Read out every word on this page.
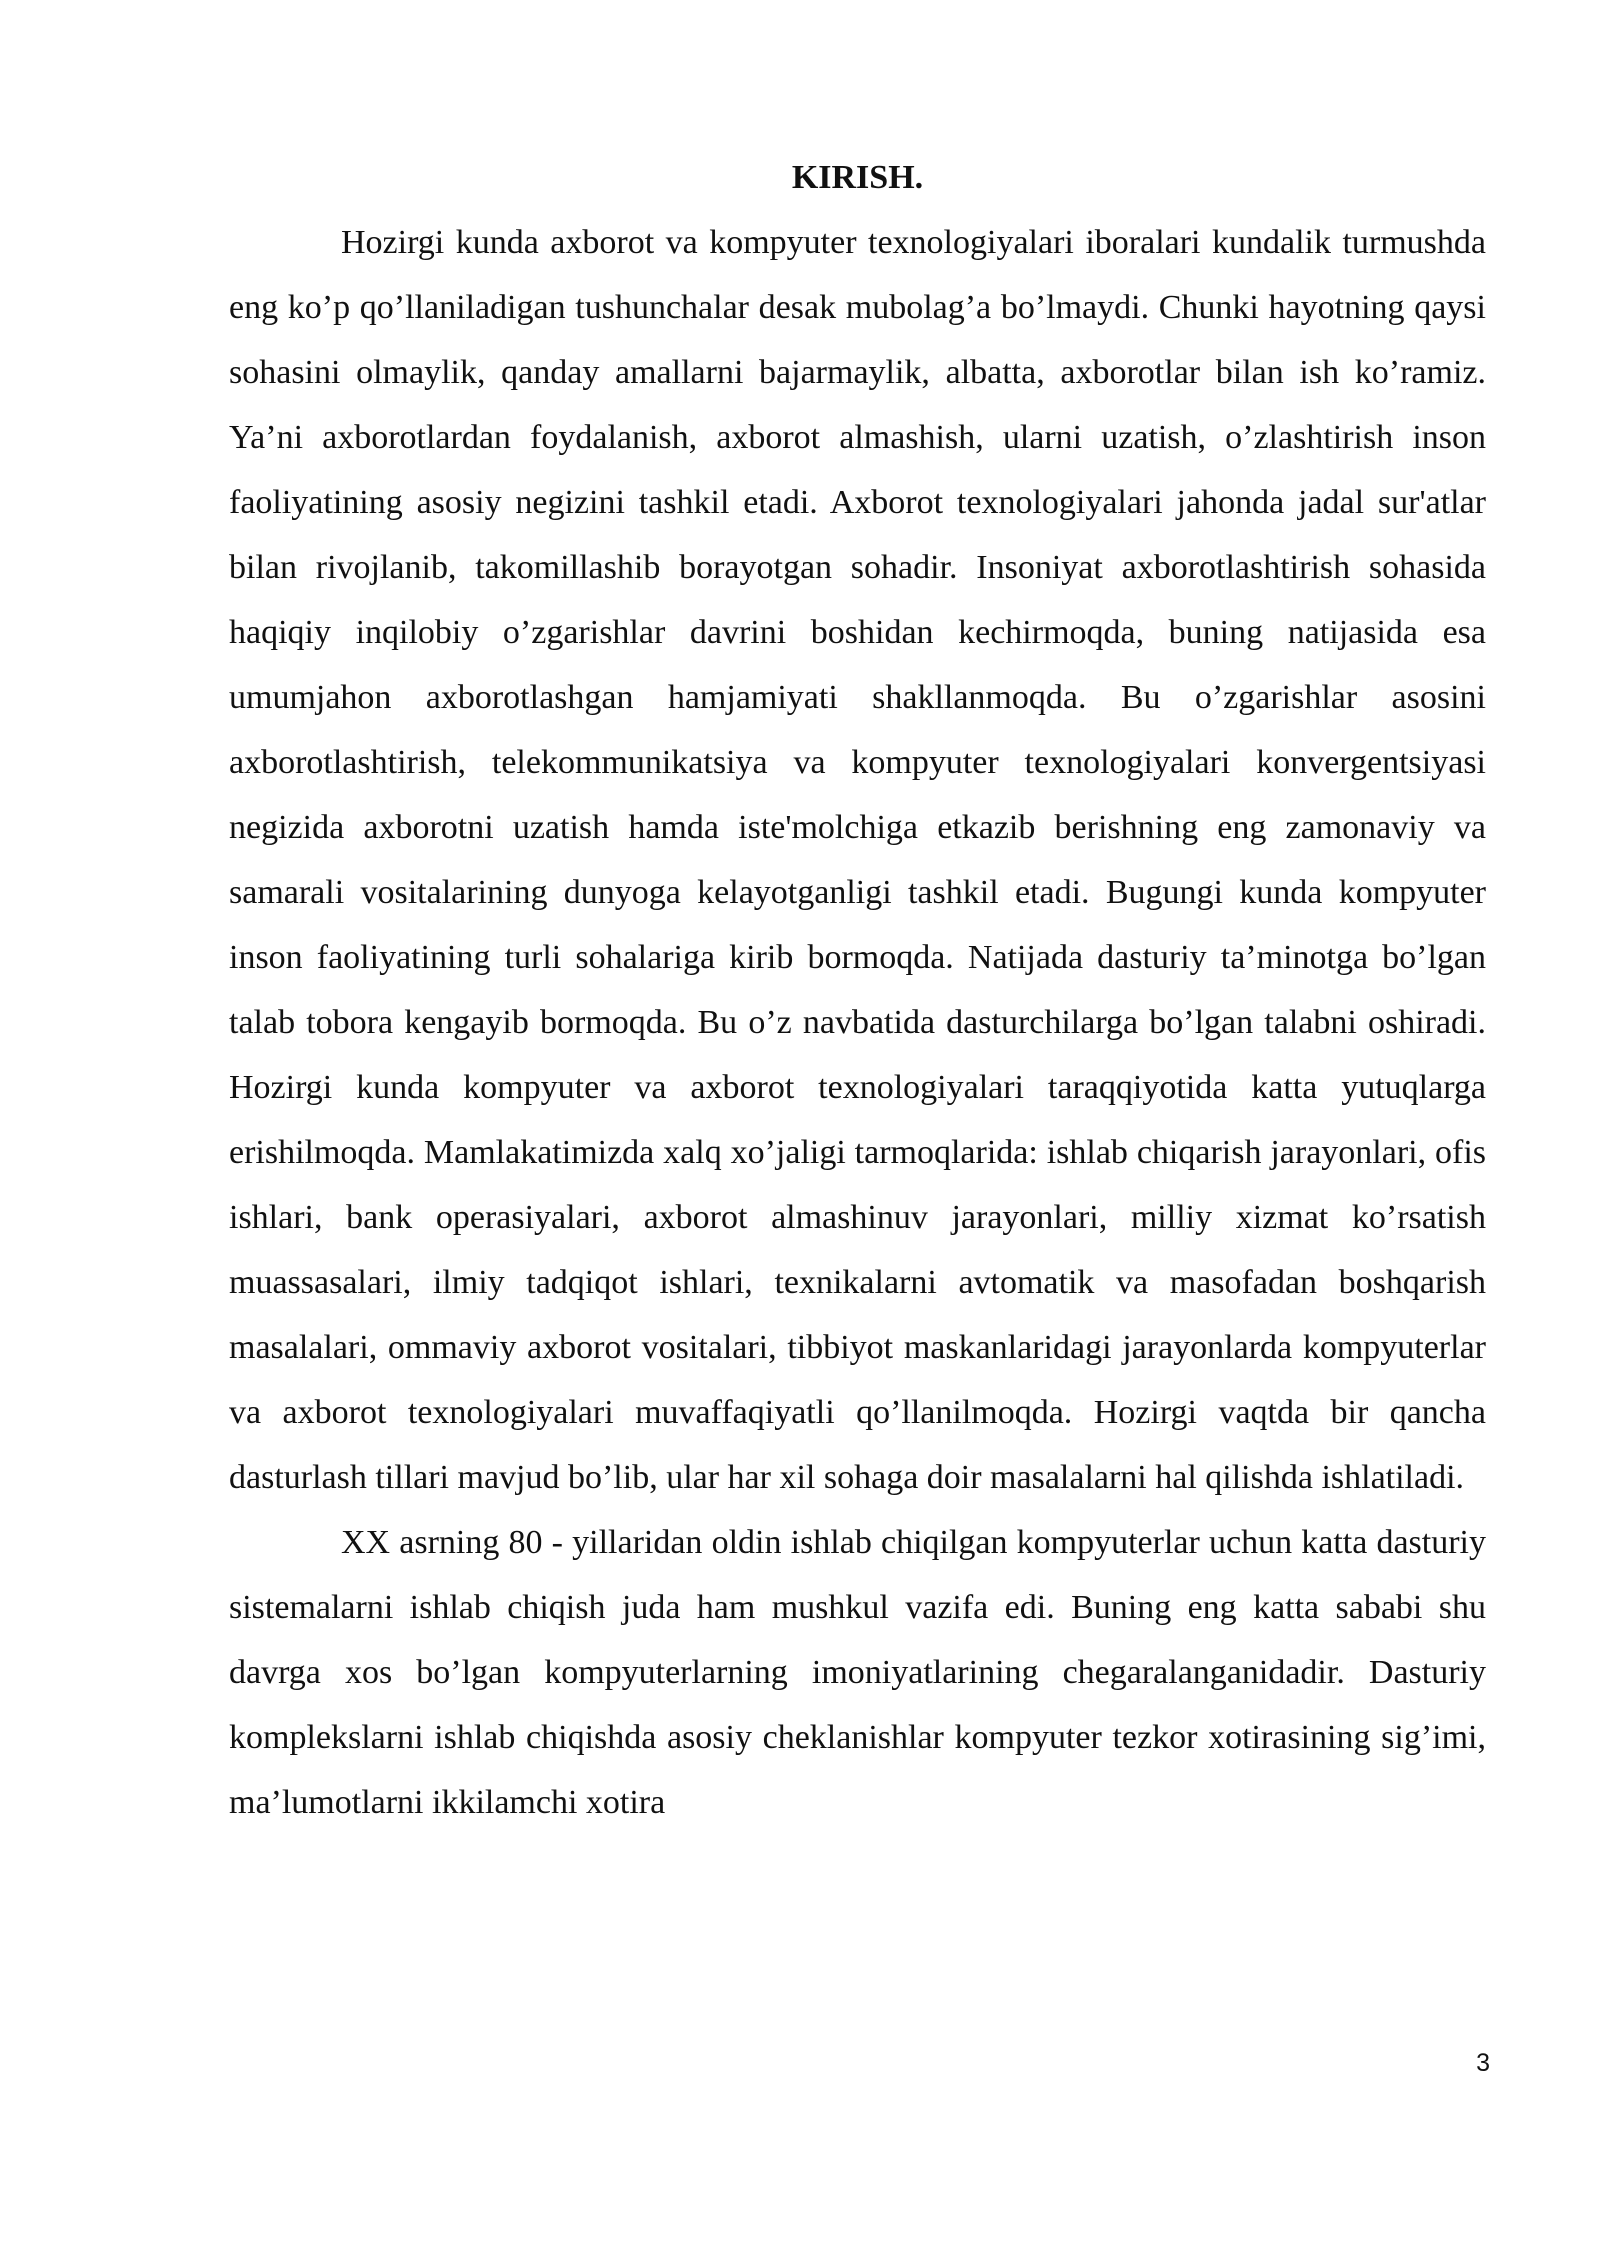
KIRISH.

Hozirgi kunda axborot va kompyuter texnologiyalari iboralari kundalik turmushda eng ko’p qo’llaniladigan tushunchalar desak mubolag’a bo’lmaydi. Chunki hayotning qaysi sohasini olmaylik, qanday amallarni bajarmaylik, albatta, axborotlar bilan ish ko’ramiz. Ya’ni axborotlardan foydalanish, axborot almashish, ularni uzatish, o’zlashtirish inson faoliyatining asosiy negizini tashkil etadi. Axborot texnologiyalari jahonda jadal sur'atlar bilan rivojlanib, takomillashib borayotgan sohadir. Insoniyat axborotlashtirish sohasida haqiqiy inqilobiy o’zgarishlar davrini boshidan kechirmoqda, buning natijasida esa umumjahon axborotlashgan hamjamiyati shakllanmoqda. Bu o’zgarishlar asosini axborotlashtirish, telekommunikatsiya va kompyuter texnologiyalari konvergentsiyasi negizida axborotni uzatish hamda iste'molchiga etkazib berishning eng zamonaviy va samarali vositalarining dunyoga kelayotganligi tashkil etadi. Bugungi kunda kompyuter inson faoliyatining turli sohalariga kirib bormoqda. Natijada dasturiy ta’minotga bo’lgan talab tobora kengayib bormoqda. Bu o’z navbatida dasturchilarga bo’lgan talabni oshiradi. Hozirgi kunda kompyuter va axborot texnologiyalari taraqqiyotida katta yutuqlarga erishilmoqda. Mamlakatimizda xalq xo’jaligi tarmoqlarida: ishlab chiqarish jarayonlari, ofis ishlari, bank operasiyalari, axborot almashinuv jarayonlari, milliy xizmat ko’rsatish muassasalari, ilmiy tadqiqot ishlari, texnikalarni avtomatik va masofadan boshqarish masalalari, ommaviy axborot vositalari, tibbiyot maskanlaridagi jarayonlarda kompyuterlar va axborot texnologiyalari muvaffaqiyatli qo’llanilmoqda. Hozirgi vaqtda bir qancha dasturlash tillari mavjud bo’lib, ular har xil sohaga doir masalalarni hal qilishda ishlatiladi.

XX asrning 80 - yillaridan oldin ishlab chiqilgan kompyuterlar uchun katta dasturiy sistemalarni ishlab chiqish juda ham mushkul vazifa edi. Buning eng katta sababi shu davrga xos bo’lgan kompyuterlarning imoniyatlarining chegaralanganidadir. Dasturiy komplekslarni ishlab chiqishda asosiy cheklanishlar kompyuter tezkor xotirasining sig’imi, ma’lumotlarni ikkilamchi xotira

3
